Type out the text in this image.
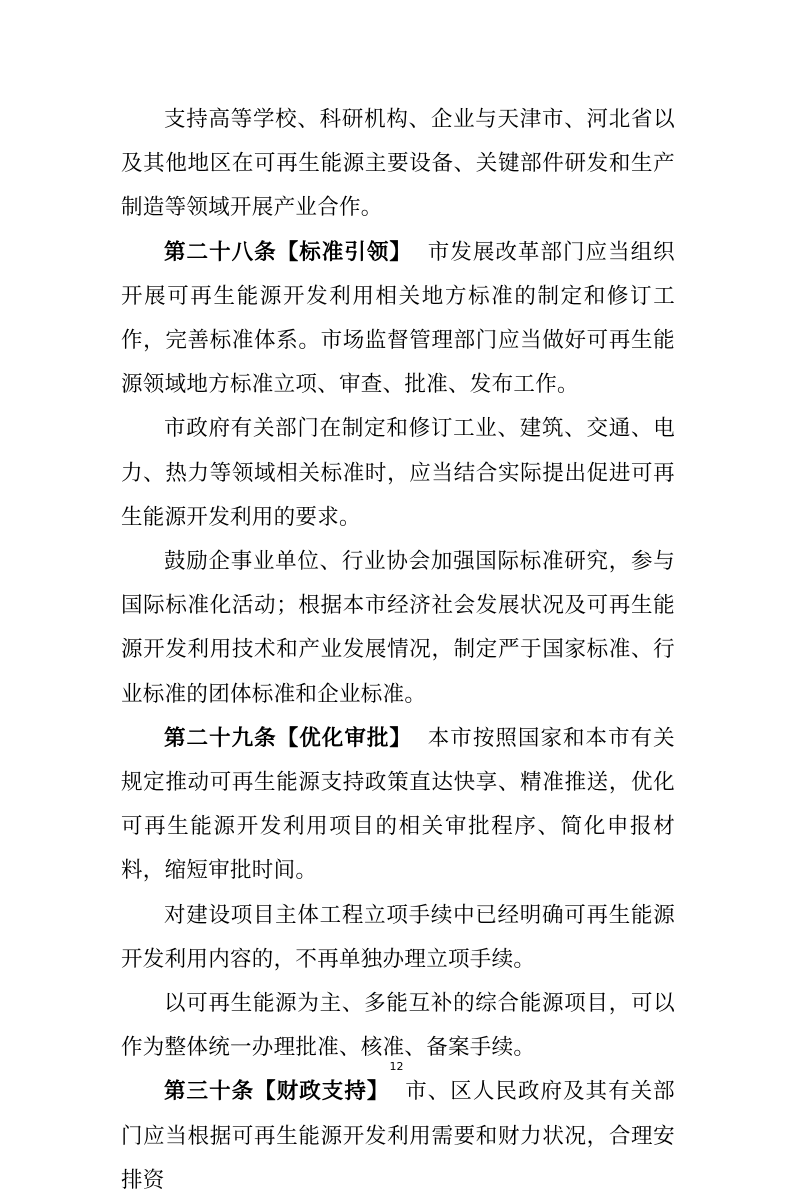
支持高等学校、科研机构、企业与天津市、河北省以及其他地区在可再生能源主要设备、关键部件研发和生产制造等领域开展产业合作。

第二十八条【标准引领】 市发展改革部门应当组织开展可再生能源开发利用相关地方标准的制定和修订工作，完善标准体系。市场监督管理部门应当做好可再生能源领域地方标准立项、审查、批准、发布工作。

市政府有关部门在制定和修订工业、建筑、交通、电力、热力等领域相关标准时，应当结合实际提出促进可再生能源开发利用的要求。

鼓励企事业单位、行业协会加强国际标准研究，参与国际标准化活动；根据本市经济社会发展状况及可再生能源开发利用技术和产业发展情况，制定严于国家标准、行业标准的团体标准和企业标准。

第二十九条【优化审批】 本市按照国家和本市有关规定推动可再生能源支持政策直达快享、精准推送，优化可再生能源开发利用项目的相关审批程序、简化申报材料，缩短审批时间。

对建设项目主体工程立项手续中已经明确可再生能源开发利用内容的，不再单独办理立项手续。

以可再生能源为主、多能互补的综合能源项目，可以作为整体统一办理批准、核准、备案手续。

第三十条【财政支持】 市、区人民政府及其有关部门应当根据可再生能源开发利用需要和财力状况，合理安排资

12
